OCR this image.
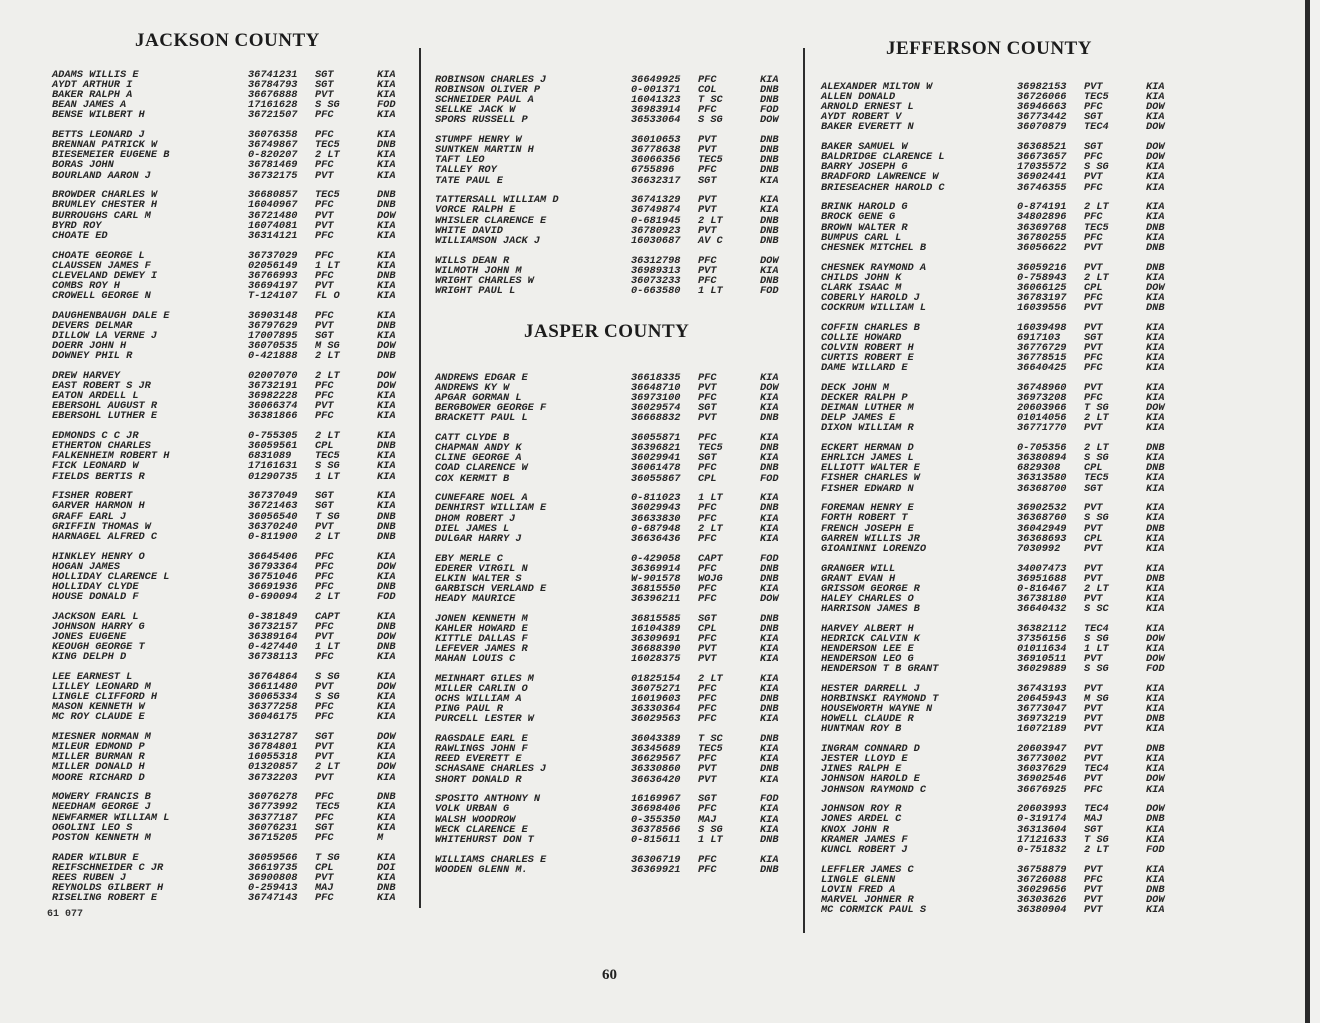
JACKSON COUNTY
ADAMS WILLIS E	36741231 SGT	KIA
AYDT ARTHUR I	36784793 SGT	KIA
BAKER RALPH A	36676888 PVT	KIA
BEAN JAMES A	17161628 S SG	FOD
BENSE WILBERT H	36721507 PFC	KIA
BETTS LEONARD J	36076358 PFC	KIA
BRENNAN PATRICK W	36749867 TEC5	DNB
BIESEMEIER EUGENE B	0-820207 2 LT	KIA
BORAS JOHN	36781469 PFC	KIA
BOURLAND AARON J	36732175 PVT	KIA
BROWDER CHARLES W	36680857 TEC5	DNB
BRUMLEY CHESTER H	16040967 PFC	DNB
BURROUGHS CARL M	36721480 PVT	DOW
BYRD ROY	16074081 PVT	KIA
CHOATE ED	36314121 PFC	KIA
CHOATE GEORGE L	36737029 PFC	KIA
CLAUSSEN JAMES F	02056149 1 LT	KIA
CLEVELAND DEWEY I	36766993 PFC	DNB
COMBS ROY H	36694197 PVT	KIA
CROWELL GEORGE N	T-124107 FL O	KIA
DAUGHENBAUGH DALE E	36903148 PFC	KIA
DEVERS DELMAR	36797629 PVT	DNB
DILLOW LA VERNE J	17007895 SGT	KIA
DOERR JOHN H	36070535 M SG	DOW
DOWNEY PHIL R	0-421888 2 LT	DNB
DREW HARVEY	02007070 2 LT	DOW
EAST ROBERT S JR	36732191 PFC	DOW
EATON ARDELL L	36982228 PFC	KIA
EBERSOHL AUGUST R	36066374 PVT	KIA
EBERSOHL LUTHER E	36381866 PFC	KIA
EDMONDS C C JR	0-755305 2 LT	KIA
ETHERTON CHARLES	36059561 CPL	DNB
FALKENHEIM ROBERT H	6831089 TEC5	KIA
FICK LEONARD W	17161631 S SG	KIA
FIELDS BERTIS R	01290735 1 LT	KIA
FISHER ROBERT	36737049 SGT	KIA
GARVER HARMON H	36721463 SGT	KIA
GRAFF EARL J	36056540 T SG	DNB
GRIFFIN THOMAS W	36370240 PVT	DNB
HARNAGEL ALFRED C	0-811900 2 LT	DNB
HINKLEY HENRY O	36645406 PFC	KIA
HOGAN JAMES	36793364 PFC	DOW
HOLLIDAY CLARENCE L	36751046 PFC	KIA
HOLLIDAY CLYDE	36691936 PFC	DNB
HOUSE DONALD F	0-690094 2 LT	FOD
JACKSON EARL L	0-381849 CAPT	KIA
JOHNSON HARRY G	36732157 PFC	DNB
JONES EUGENE	36389164 PVT	DOW
KEOUGH GEORGE T	0-427440 1 LT	DNB
KING DELPH D	36738113 PFC	KIA
LEE EARNEST L	36764864 S SG	KIA
LILLEY LEONARD M	36611480 PVT	DOW
LINGLE CLIFFORD H	36065334 S SG	KIA
MASON KENNETH W	36377258 PFC	KIA
MC ROY CLAUDE E	36046175 PFC	KIA
MIESNER NORMAN M	36312787 SGT	DOW
MILEUR EDMOND P	36784801 PVT	KIA
MILLER BURMAN R	16055318 PVT	KIA
MILLER DONALD H	01320857 2 LT	DOW
MOORE RICHARD D	36732203 PVT	KIA
MOWERY FRANCIS B	36076278 PFC	DNB
NEEDHAM GEORGE J	36773992 TEC5	KIA
NEWFARMER WILLIAM L	36377187 PFC	KIA
OGOLINI LEO S	36076231 SGT	KIA
POSTON KENNETH M	36715205 PFC	M
RADER WILBUR E	36059566 T SG	KIA
REIFSCHNEIDER C JR	36619735 CPL	DOI
REES RUBEN J	36900808 PVT	KIA
REYNOLDS GILBERT H	0-259413 MAJ	DNB
RISELING ROBERT E	36747143 PFC	KIA
ROBINSON CHARLES J	36649925 PFC	KIA
ROBINSON OLIVER P	0-001371 COL	DNB
SCHNEIDER PAUL A	16041323 T SC	DNB
SELLKE JACK W	36983914 PFC	FOD
SPORS RUSSELL P	36533064 S SG	DOW
STUMPF HENRY W	36010653 PVT	DNB
SUNTKEN MARTIN H	36778638 PVT	DNB
TAFT LEO	36066356 TEC5	DNB
TALLEY ROY	6755896 PFC	DNB
TATE PAUL E	36632317 SGT	KIA
TATTERSALL WILLIAM D	36741329 PVT	KIA
VORCE RALPH E	36749874 PVT	KIA
WHISLER CLARENCE E	0-681945 2 LT	DNB
WHITE DAVID	36780923 PVT	DNB
WILLIAMSON JACK J	16030687 AV C	DNB
WILLS DEAN R	36312798 PFC	DOW
WILMOTH JOHN M	36989313 PVT	KIA
WRIGHT CHARLES W	36073233 PFC	DNB
WRIGHT PAUL L	0-663580 1 LT	FOD
JASPER COUNTY
ANDREWS EDGAR E	36618335 PFC	KIA
ANDREWS KY W	36648710 PVT	DOW
APGAR GORMAN L	36973100 PFC	KIA
BERGBOWER GEORGE F	36029574 SGT	KIA
BRACKETT PAUL L	36668832 PVT	DNB
CATT CLYDE B	36055871 PFC	KIA
CHAPMAN ANDY K	36396821 TEC5	DNB
CLINE GEORGE A	36029941 SGT	KIA
COAD CLARENCE W	36061478 PFC	DNB
COX KERMIT B	36055867 CPL	FOD
CUNEFARE NOEL A	0-811023 1 LT	KIA
DENHIRST WILLIAM E	36029943 PFC	DNB
DHOM ROBERT J	36633830 PFC	KIA
DIEL JAMES L	0-687948 2 LT	KIA
DULGAR HARRY J	36636436 PFC	KIA
EBY MERLE C	0-429058 CAPT	FOD
EDERER VIRGIL N	36369914 PFC	DNB
ELKIN WALTER S	W-901578 WOJG	DNB
GARBISCH VERLAND E	36815550 PFC	KIA
HEADY MAURICE	36396211 PFC	DOW
JONEN KENNETH M	36815585 SGT	DNB
KAHLER HOWARD E	16104389 CPL	DNB
KITTLE DALLAS F	36309691 PFC	KIA
LEFEVER JAMES R	36688390 PVT	KIA
MAHAN LOUIS C	16028375 PVT	KIA
MEINHART GILES M	01825154 2 LT	KIA
MILLER CARLIN O	36075271 PFC	KIA
OCHS WILLIAM A	16019603 PFC	DNB
PING PAUL R	36330364 PFC	DNB
PURCELL LESTER W	36029563 PFC	KIA
RAGSDALE EARL E	36043389 T SC	DNB
RAWLINGS JOHN F	36345689 TEC5	KIA
REED EVERETT E	36629567 PFC	KIA
SCHASANE CHARLES J	36330860 PVT	DNB
SHORT DONALD R	36636420 PVT	KIA
SPOSITO ANTHONY N	16169967 SGT	FOD
VOLK URBAN G	36698406 PFC	KIA
WALSH WOODROW	0-355350 MAJ	KIA
WECK CLARENCE E	36378566 S SG	KIA
WHITEHURST DON T	0-815611 1 LT	DNB
WILLIAMS CHARLES E	36306719 PFC	KIA
WOODEN GLENN M.	36369921 PFC	DNB
JEFFERSON COUNTY
ALEXANDER MILTON W	36982153 PVT	KIA
ALLEN DONALD	36726066 TEC5	KIA
ARNOLD ERNEST L	36946663 PFC	DOW
AYDT ROBERT V	36773442 SGT	KIA
BAKER EVERETT N	36070879 TEC4	DOW
BAKER SAMUEL W	36368521 SGT	DOW
BALDRIDGE CLARENCE L	36673657 PFC	DOW
BARRY JOSEPH G	17035572 S SG	KIA
BRADFORD LAWRENCE W	36902441 PVT	KIA
BRIESEACHER HAROLD C	36746355 PFC	KIA
BRINK HAROLD G	0-874191 2 LT	KIA
BROCK GENE G	34802896 PFC	KIA
BROWN WALTER R	36369768 TEC5	DNB
BUMPUS CARL L	36780255 PFC	KIA
CHESNEK MITCHEL B	36056622 PVT	DNB
CHESNEK RAYMOND A	36059216 PVT	DNB
CHILDS JOHN K	0-758943 2 LT	KIA
CLARK ISAAC M	36066125 CPL	DOW
COBERLY HAROLD J	36783197 PFC	KIA
COCKRUM WILLIAM L	16039556 PVT	DNB
COFFIN CHARLES B	16039498 PVT	KIA
COLLIE HOWARD	6917103 SGT	KIA
COLVIN ROBERT H	36776729 PVT	KIA
CURTIS ROBERT E	36778515 PFC	KIA
DAME WILLARD E	36640425 PFC	KIA
DECK JOHN M	36748960 PVT	KIA
DECKER RALPH P	36973208 PFC	KIA
DEIMAN LUTHER M	20603966 T SG	DOW
DELP JAMES E	01014056 2 LT	KIA
DIXON WILLIAM R	36771770 PVT	KIA
ECKERT HERMAN D	0-705356 2 LT	DNB
EHRLICH JAMES L	36380894 S SG	KIA
ELLIOTT WALTER E	6829308 CPL	DNB
FISHER CHARLES W	36313580 TEC5	KIA
FISHER EDWARD N	36368700 SGT	KIA
FOREMAN HENRY E	36902532 PVT	KIA
FORTH ROBERT T	36368760 S SG	KIA
FRENCH JOSEPH E	36042949 PVT	DNB
GARREN WILLIS JR	36368693 CPL	KIA
GIOANINNI LORENZO	7030992 PVT	KIA
GRANGER WILL	34007473 PVT	KIA
GRANT EVAN H	36951688 PVT	DNB
GRISSOM GEORGE R	0-816467 2 LT	KIA
HALEY CHARLES O	36738180 PVT	KIA
HARRISON JAMES B	36640432 S SC	KIA
HARVEY ALBERT H	36382112 TEC4	KIA
HEDRICK CALVIN K	37356156 S SG	DOW
HENDERSON LEE E	01011634 1 LT	KIA
HENDERSON LEO G	36910511 PVT	DOW
HENDERSON T B GRANT	36029889 S SG	FOD
HESTER DARRELL J	36743193 PVT	KIA
HORBINSKI RAYMOND T	20645943 M SG	KIA
HOUSEWORTH WAYNE N	36773047 PVT	KIA
HOWELL CLAUDE R	36973219 PVT	DNB
HUNTMAN ROY B	16072189 PVT	KIA
INGRAM CONNARD D	20603947 PVT	DNB
JESTER LLOYD E	36773002 PVT	KIA
JINES RALPH E	36037629 TEC4	KIA
JOHNSON HAROLD E	36902546 PVT	DOW
JOHNSON RAYMOND C	36676925 PFC	KIA
JOHNSON ROY R	20603993 TEC4	DOW
JONES ARDEL C	0-319174 MAJ	DNB
KNOX JOHN R	36313604 SGT	KIA
KRAMER JAMES F	17121633 T SG	KIA
KUNCL ROBERT J	0-751832 2 LT	FOD
LEFFLER JAMES C	36758879 PVT	KIA
LINGLE GLENN	36726088 PFC	KIA
LOVIN FRED A	36029656 PVT	DNB
MARVEL JOHNER R	36303626 PVT	DOW
MC CORMICK PAUL S	36380904 PVT	KIA
61 077
60
